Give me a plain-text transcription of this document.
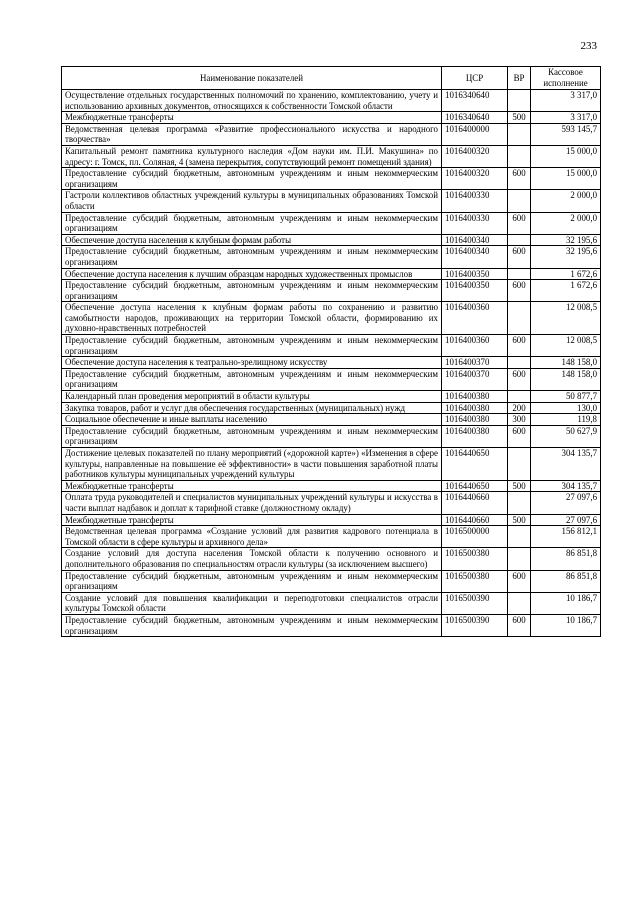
233
Наименование показателей	ЦСР	ВР	Кассовое исполнение
Осуществление отдельных государственных полномочий по хранению, комплектованию, учету и использованию архивных документов, относящихся к собственности Томской области	1016340640		3 317,0
Межбюджетные трансферты	1016340640	500	3 317,0
Ведомственная целевая программа «Развитие профессионального искусства и народного творчества»	1016400000		593 145,7
Капитальный ремонт памятника культурного наследия «Дом науки им. П.И. Макушина» по адресу: г. Томск, пл. Соляная, 4 (замена перекрытия, сопутствующий ремонт помещений здания)	1016400320		15 000,0
Предоставление субсидий бюджетным, автономным учреждениям и иным некоммерческим организациям	1016400320	600	15 000,0
Гастроли коллективов областных учреждений культуры в муниципальных образованиях Томской области	1016400330		2 000,0
Предоставление субсидий бюджетным, автономным учреждениям и иным некоммерческим организациям	1016400330	600	2 000,0
Обеспечение доступа населения к клубным формам работы	1016400340		32 195,6
Предоставление субсидий бюджетным, автономным учреждениям и иным некоммерческим организациям	1016400340	600	32 195,6
Обеспечение доступа населения к лучшим образцам народных художественных промыслов	1016400350		1 672,6
Предоставление субсидий бюджетным, автономным учреждениям и иным некоммерческим организациям	1016400350	600	1 672,6
Обеспечение доступа населения к клубным формам работы по сохранению и развитию самобытности народов, проживающих на территории Томской области, формированию их духовно-нравственных потребностей	1016400360		12 008,5
Предоставление субсидий бюджетным, автономным учреждениям и иным некоммерческим организациям	1016400360	600	12 008,5
Обеспечение доступа населения к театрально-зрелищному искусству	1016400370		148 158,0
Предоставление субсидий бюджетным, автономным учреждениям и иным некоммерческим организациям	1016400370	600	148 158,0
Календарный план проведения мероприятий в области культуры	1016400380		50 877,7
Закупка товаров, работ и услуг для обеспечения государственных (муниципальных) нужд	1016400380	200	130,0
Социальное обеспечение и иные выплаты населению	1016400380	300	119,8
Предоставление субсидий бюджетным, автономным учреждениям и иным некоммерческим организациям	1016400380	600	50 627,9
Достижение целевых показателей по плану мероприятий («дорожной карте») «Изменения в сфере культуры, направленные на повышение её эффективности» в части повышения заработной платы работников культуры муниципальных учреждений культуры	1016440650		304 135,7
Межбюджетные трансферты	1016440650	500	304 135,7
Оплата труда руководителей и специалистов муниципальных учреждений культуры и искусства в части выплат надбавок и доплат к тарифной ставке (должностному окладу)	1016440660		27 097,6
Межбюджетные трансферты	1016440660	500	27 097,6
Ведомственная целевая программа «Создание условий для развития кадрового потенциала в Томской области в сфере культуры и архивного дела»	1016500000		156 812,1
Создание условий для доступа населения Томской области к получению основного и дополнительного образования по специальностям отрасли культуры (за исключением высшего)	1016500380		86 851,8
Предоставление субсидий бюджетным, автономным учреждениям и иным некоммерческим организациям	1016500380	600	86 851,8
Создание условий для повышения квалификации и переподготовки специалистов отрасли культуры Томской области	1016500390		10 186,7
Предоставление субсидий бюджетным, автономным учреждениям и иным некоммерческим организациям	1016500390	600	10 186,7
